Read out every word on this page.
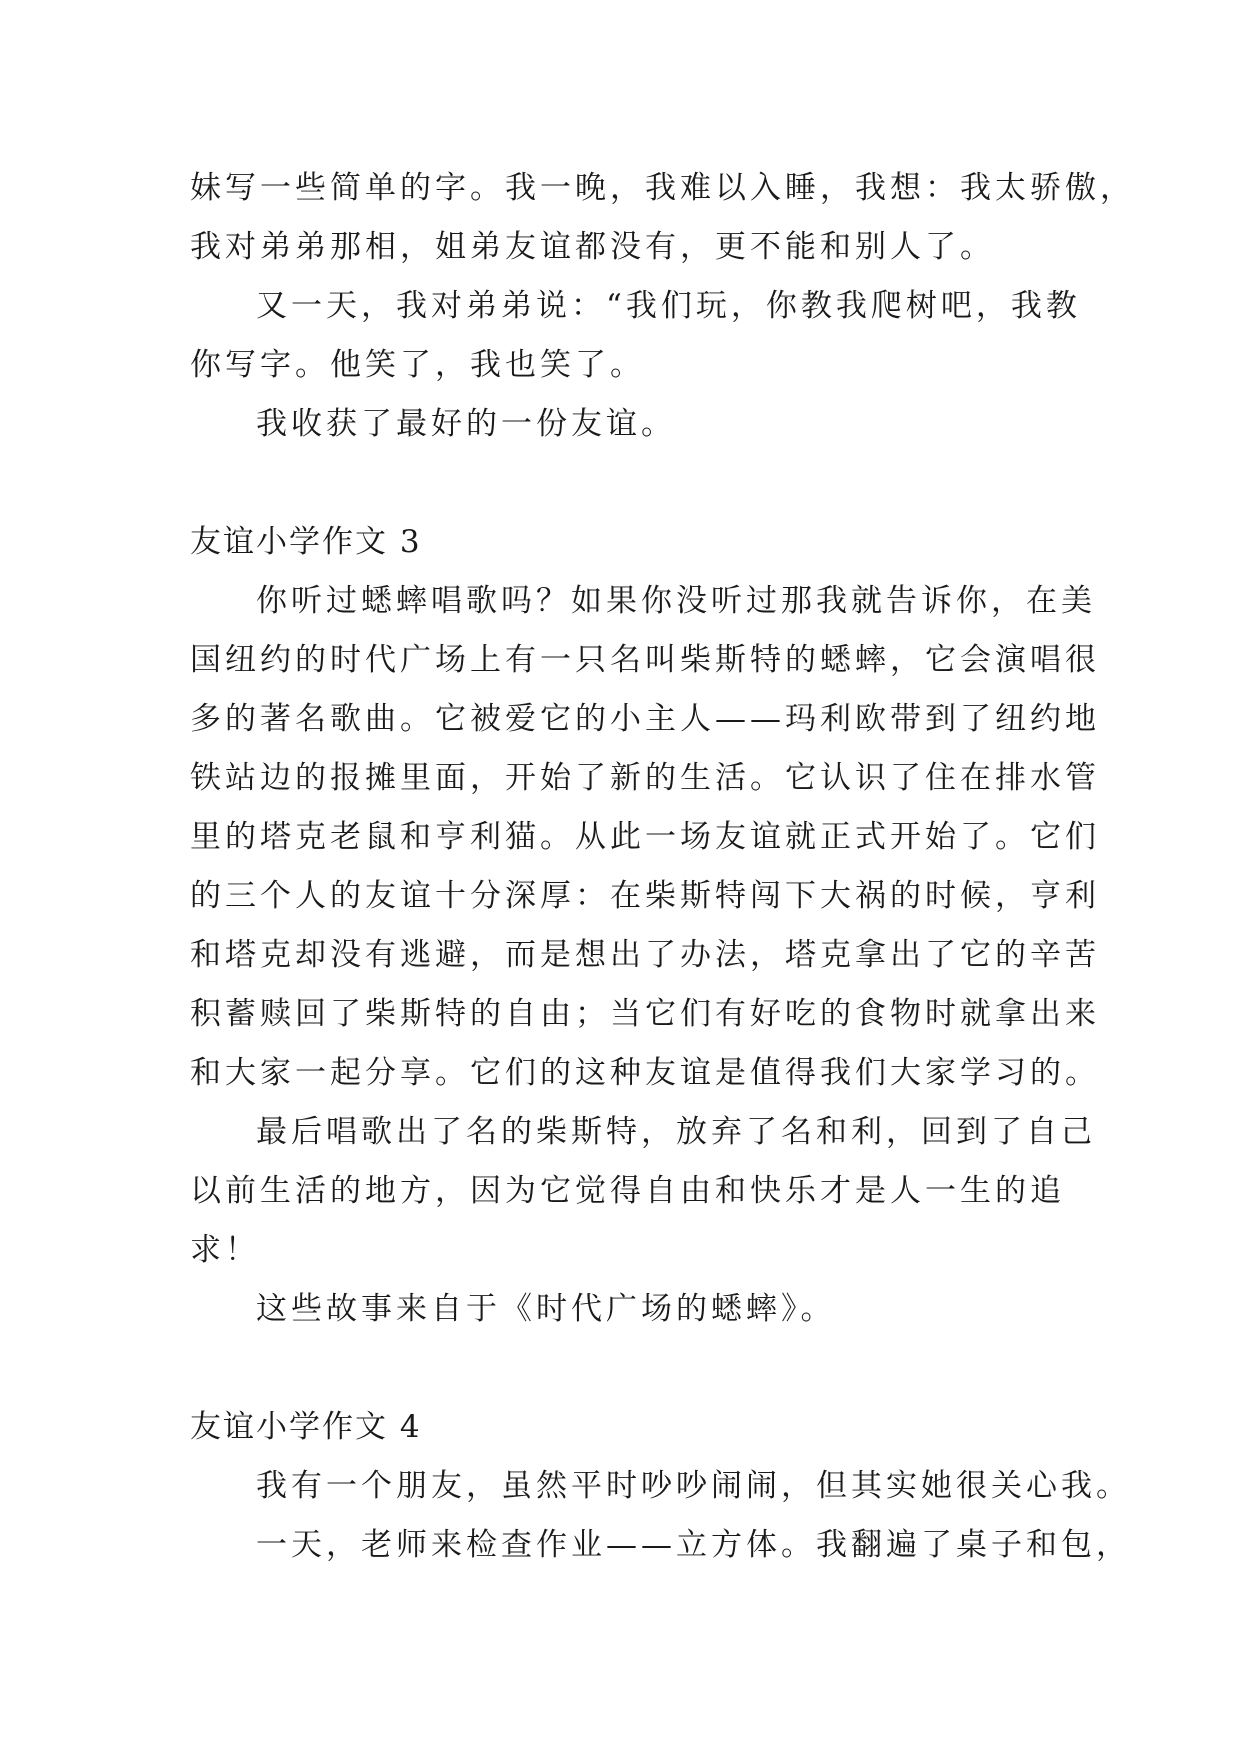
妹写一些简单的字。我一晚，我难以入睡，我想：我太骄傲，
我对弟弟那相，姐弟友谊都没有，更不能和别人了。
又一天，我对弟弟说：“我们玩，你教我爬树吧，我教
你写字。他笑了，我也笑了。
我收获了最好的一份友谊。
友谊小学作文 3
你听过蟋蟀唱歌吗？如果你没听过那我就告诉你，在美
国纽约的时代广场上有一只名叫柴斯特的蟋蟀，它会演唱很
多的著名歌曲。它被爱它的小主人——玛利欧带到了纽约地
铁站边的报摊里面，开始了新的生活。它认识了住在排水管
里的塔克老鼠和亨利猫。从此一场友谊就正式开始了。它们
的三个人的友谊十分深厚：在柴斯特闯下大祸的时候，亨利
和塔克却没有逃避，而是想出了办法，塔克拿出了它的辛苦
积蓄赎回了柴斯特的自由；当它们有好吃的食物时就拿出来
和大家一起分享。它们的这种友谊是值得我们大家学习的。
最后唱歌出了名的柴斯特，放弃了名和利，回到了自己
以前生活的地方，因为它觉得自由和快乐才是人一生的追
求！
这些故事来自于《时代广场的蟋蟀》。
友谊小学作文 4
我有一个朋友，虽然平时吵吵闹闹，但其实她很关心我。
一天，老师来检查作业——立方体。我翻遍了桌子和包，
